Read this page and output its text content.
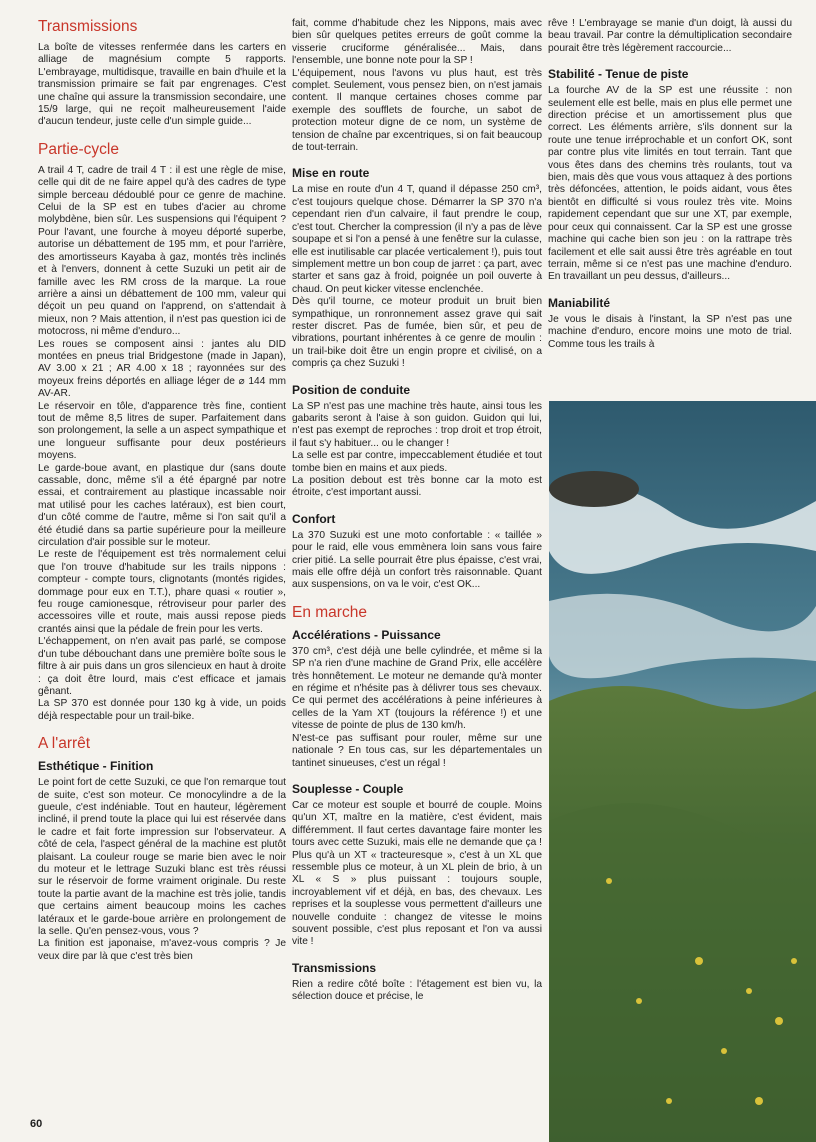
Transmissions

La boîte de vitesses renfermée dans les carters en alliage de magnésium compte 5 rapports. L'embrayage, multidisque, travaille en bain d'huile et la transmission primaire se fait par engrenages. C'est une chaîne qui assure la transmission secondaire, une 15/9 large, qui ne reçoit malheureusement l'aide d'aucun tendeur, juste celle d'un simple guide...

Partie-cycle

A trail 4 T, cadre de trail 4 T : il est une règle de mise, celle qui dit de ne faire appel qu'à des cadres de type simple berceau dédoublé pour ce genre de machine. Celui de la SP est en tubes d'acier au chrome molybdène, bien sûr. Les suspensions qui l'équipent ? Pour l'avant, une fourche à moyeu déporté superbe, autorise un débattement de 195 mm, et pour l'arrière, des amortisseurs Kayaba à gaz, montés très inclinés et à l'envers, donnent à cette Suzuki un petit air de famille avec les RM cross de la marque. La roue arrière a ainsi un débattement de 100 mm, valeur qui déçoit un peu quand on l'apprend, on s'attendait à mieux, non ? Mais attention, il n'est pas question ici de motocross, ni même d'enduro...

Les roues se composent ainsi : jantes alu DID montées en pneus trial Bridgestone (made in Japan), AV 3.00 x 21 ; AR 4.00 x 18 ; rayonnées sur des moyeux freins déportés en alliage léger de ⌀ 144 mm AV-AR.

Le réservoir en tôle, d'apparence très fine, contient tout de même 8,5 litres de super. Parfaitement dans son prolongement, la selle a un aspect sympathique et une longueur suffisante pour deux postérieurs moyens.

Le garde-boue avant, en plastique dur (sans doute cassable, donc, même s'il a été épargné par notre essai, et contrairement au plastique incassable noir mat utilisé pour les caches latéraux), est bien court, d'un côté comme de l'autre, même si l'on sait qu'il a été étudié dans sa partie supérieure pour la meilleure circulation d'air possible sur le moteur.

Le reste de l'équipement est très normalement celui que l'on trouve d'habitude sur les trails nippons : compteur - compte tours, clignotants (montés rigides, dommage pour eux en T.T.), phare quasi « routier », feu rouge camionesque, rétroviseur pour parler des accessoires ville et route, mais aussi repose pieds crantés ainsi que la pédale de frein pour les verts.

L'échappement, on n'en avait pas parlé, se compose d'un tube débouchant dans une première boîte sous le filtre à air puis dans un gros silencieux en haut à droite : ça doit être lourd, mais c'est efficace et jamais gênant.

La SP 370 est donnée pour 130 kg à vide, un poids déjà respectable pour un trail-bike.

A l'arrêt
Esthétique - Finition

Le point fort de cette Suzuki, ce que l'on remarque tout de suite, c'est son moteur. Ce monocylindre a de la gueule, c'est indéniable. Tout en hauteur, légèrement incliné, il prend toute la place qui lui est réservée dans le cadre et fait forte impression sur l'observateur. A côté de cela, l'aspect général de la machine est plutôt plaisant. La couleur rouge se marie bien avec le noir du moteur et le lettrage Suzuki blanc est très réussi sur le réservoir de forme vraiment originale. Du reste toute la partie avant de la machine est très jolie, tandis que certains aiment beaucoup moins les caches latéraux et le garde-boue arrière en prolongement de la selle. Qu'en pensez-vous, vous ?

La finition est japonaise, m'avez-vous compris ? Je veux dire par là que c'est très bien

fait, comme d'habitude chez les Nippons, mais avec bien sûr quelques petites erreurs de goût comme la visserie cruciforme généralisée... Mais, dans l'ensemble, une bonne note pour la SP !

L'équipement, nous l'avons vu plus haut, est très complet. Seulement, vous pensez bien, on n'est jamais content. Il manque certaines choses comme par exemple des soufflets de fourche, un sabot de protection moteur digne de ce nom, un système de tension de chaîne par excentriques, si on fait beaucoup de tout-terrain.

Mise en route

La mise en route d'un 4 T, quand il dépasse 250 cm³, c'est toujours quelque chose. Démarrer la SP 370 n'a cependant rien d'un calvaire, il faut prendre le coup, c'est tout. Chercher la compression (il n'y a pas de lève soupape et si l'on a pensé à une fenêtre sur la culasse, elle est inutilisable car placée verticalement !), puis tout simplement mettre un bon coup de jarret : ça part, avec starter et sans gaz à froid, poignée un poil ouverte à chaud. On peut kicker vitesse enclenchée.

Dès qu'il tourne, ce moteur produit un bruit bien sympathique, un ronronnement assez grave qui sait rester discret. Pas de fumée, bien sûr, et peu de vibrations, pourtant inhérentes à ce genre de moulin : un trail-bike doit être un engin propre et civilisé, on a compris ça chez Suzuki !

Position de conduite

La SP n'est pas une machine très haute, ainsi tous les gabarits seront à l'aise à son guidon. Guidon qui lui, n'est pas exempt de reproches : trop droit et trop étroit, il faut s'y habituer... ou le changer !

La selle est par contre, impeccablement étudiée et tout tombe bien en mains et aux pieds.

La position debout est très bonne car la moto est étroite, c'est important aussi.

Confort

La 370 Suzuki est une moto confortable : « taillée » pour le raid, elle vous emmènera loin sans vous faire crier pitié. La selle pourrait être plus épaisse, c'est vrai, mais elle offre déjà un confort très raisonnable. Quant aux suspensions, on va le voir, c'est OK...

En marche
Accélérations - Puissance

370 cm³, c'est déjà une belle cylindrée, et même si la SP n'a rien d'une machine de Grand Prix, elle accélère très honnêtement. Le moteur ne demande qu'à monter en régime et n'hésite pas à délivrer tous ses chevaux. Ce qui permet des accélérations à peine inférieures à celles de la Yam XT (toujours la référence !) et une vitesse de pointe de plus de 130 km/h.

N'est-ce pas suffisant pour rouler, même sur une nationale ? En tous cas, sur les départementales un tantinet sinueuses, c'est un régal !

Souplesse - Couple

Car ce moteur est souple et bourré de couple. Moins qu'un XT, maître en la matière, c'est évident, mais différemment. Il faut certes davantage faire monter les tours avec cette Suzuki, mais elle ne demande que ça ! Plus qu'à un XT « tracteuresque », c'est à un XL que ressemble plus ce moteur, à un XL plein de brio, à un XL « S » plus puissant : toujours souple, incroyablement vif et déjà, en bas, des chevaux. Les reprises et la souplesse vous permettent d'ailleurs une nouvelle conduite : changez de vitesse le moins souvent possible, c'est plus reposant et l'on va aussi vite !

Transmissions

Rien a redire côté boîte : l'étagement est bien vu, la sélection douce et précise, le

rêve ! L'embrayage se manie d'un doigt, là aussi du beau travail. Par contre la démultiplication secondaire pourait être très légèrement raccourcie...

Stabilité - Tenue de piste

La fourche AV de la SP est une réussite : non seulement elle est belle, mais en plus elle permet une direction précise et un amortissement plus que correct. Les éléments arrière, s'ils donnent sur la route une tenue irréprochable et un confort OK, sont par contre plus vite limités en tout terrain. Tant que vous êtes dans des chemins très roulants, tout va bien, mais dès que vous vous attaquez à des portions très défoncées, attention, le poids aidant, vous êtes bientôt en difficulté si vous roulez très vite. Moins rapidement cependant que sur une XT, par exemple, pour ceux qui connaissent. Car la SP est une grosse machine qui cache bien son jeu : on la rattrape très facilement et elle sait aussi être très agréable en tout terrain, même si ce n'est pas une machine d'enduro. En travaillant un peu dessus, d'ailleurs...

Maniabilité

Je vous le disais à l'instant, la SP n'est pas une machine d'enduro, encore moins une moto de trial. Comme tous les trails à

60
